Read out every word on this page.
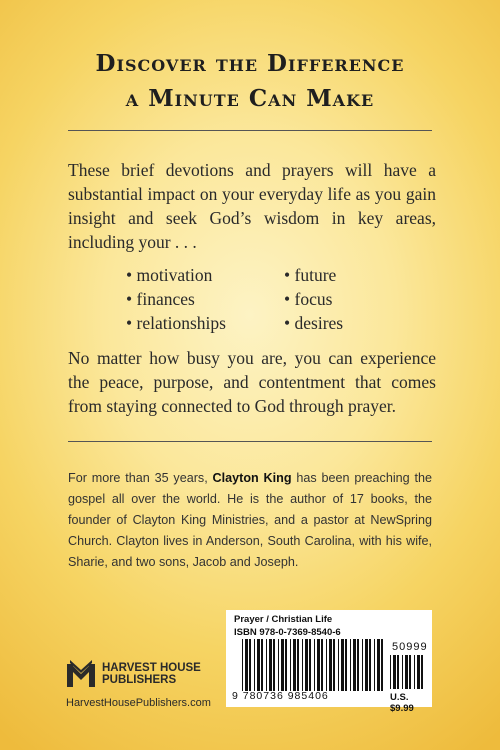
Discover the Difference
a Minute Can Make

These brief devotions and prayers will have a substantial impact on your everyday life as you gain insight and seek God’s wisdom in key areas, including your . . .

• motivation
• finances
• relationships
• future
• focus
• desires

No matter how busy you are, you can experience the peace, purpose, and contentment that comes from staying connected to God through prayer.

For more than 35 years, Clayton King has been preaching the gospel all over the world. He is the author of 17 books, the founder of Clayton King Ministries, and a pastor at NewSpring Church. Clayton lives in Anderson, South Carolina, with his wife, Sharie, and two sons, Jacob and Joseph.

HARVEST HOUSE
PUBLISHERS
HarvestHousePublishers.com
Prayer / Christian Life
ISBN 978-0-7369-8540-6
50999
9 780736 985406	U.S. $9.99
